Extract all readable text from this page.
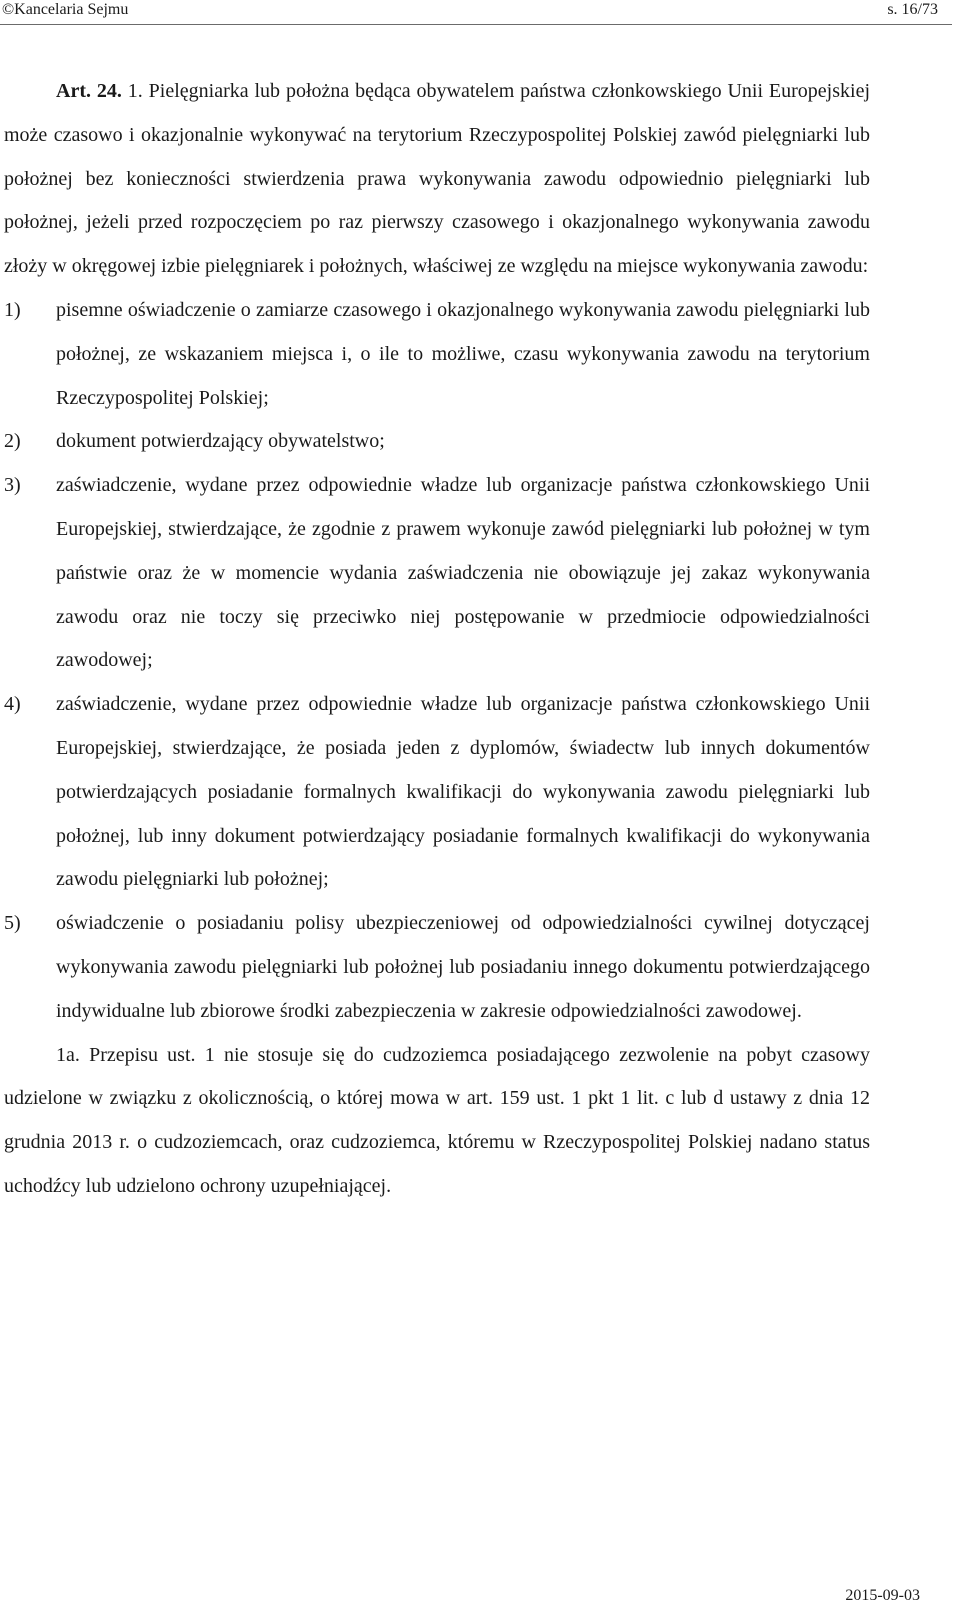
©Kancelaria Sejmu	s. 16/73

Art. 24. 1. Pielęgniarka lub położna będąca obywatelem państwa członkowskiego Unii Europejskiej może czasowo i okazjonalnie wykonywać na terytorium Rzeczypospolitej Polskiej zawód pielęgniarki lub położnej bez konieczności stwierdzenia prawa wykonywania zawodu odpowiednio pielęgniarki lub położnej, jeżeli przed rozpoczęciem po raz pierwszy czasowego i okazjonalnego wykonywania zawodu złoży w okręgowej izbie pielęgniarek i położnych, właściwej ze względu na miejsce wykonywania zawodu:

1) pisemne oświadczenie o zamiarze czasowego i okazjonalnego wykonywania zawodu pielęgniarki lub położnej, ze wskazaniem miejsca i, o ile to możliwe, czasu wykonywania zawodu na terytorium Rzeczypospolitej Polskiej;
2) dokument potwierdzający obywatelstwo;
3) zaświadczenie, wydane przez odpowiednie władze lub organizacje państwa członkowskiego Unii Europejskiej, stwierdzające, że zgodnie z prawem wykonuje zawód pielęgniarki lub położnej w tym państwie oraz że w momencie wydania zaświadczenia nie obowiązuje jej zakaz wykonywania zawodu oraz nie toczy się przeciwko niej postępowanie w przedmiocie odpowiedzialności zawodowej;
4) zaświadczenie, wydane przez odpowiednie władze lub organizacje państwa członkowskiego Unii Europejskiej, stwierdzające, że posiada jeden z dyplomów, świadectw lub innych dokumentów potwierdzających posiadanie formalnych kwalifikacji do wykonywania zawodu pielęgniarki lub położnej, lub inny dokument potwierdzający posiadanie formalnych kwalifikacji do wykonywania zawodu pielęgniarki lub położnej;
5) oświadczenie o posiadaniu polisy ubezpieczeniowej od odpowiedzialności cywilnej dotyczącej wykonywania zawodu pielęgniarki lub położnej lub posiadaniu innego dokumentu potwierdzającego indywidualne lub zbiorowe środki zabezpieczenia w zakresie odpowiedzialności zawodowej.

1a. Przepisu ust. 1 nie stosuje się do cudzoziemca posiadającego zezwolenie na pobyt czasowy udzielone w związku z okolicznością, o której mowa w art. 159 ust. 1 pkt 1 lit. c lub d ustawy z dnia 12 grudnia 2013 r. o cudzoziemcach, oraz cudzoziemca, któremu w Rzeczypospolitej Polskiej nadano status uchodźcy lub udzielono ochrony uzupełniającej.

2015-09-03
